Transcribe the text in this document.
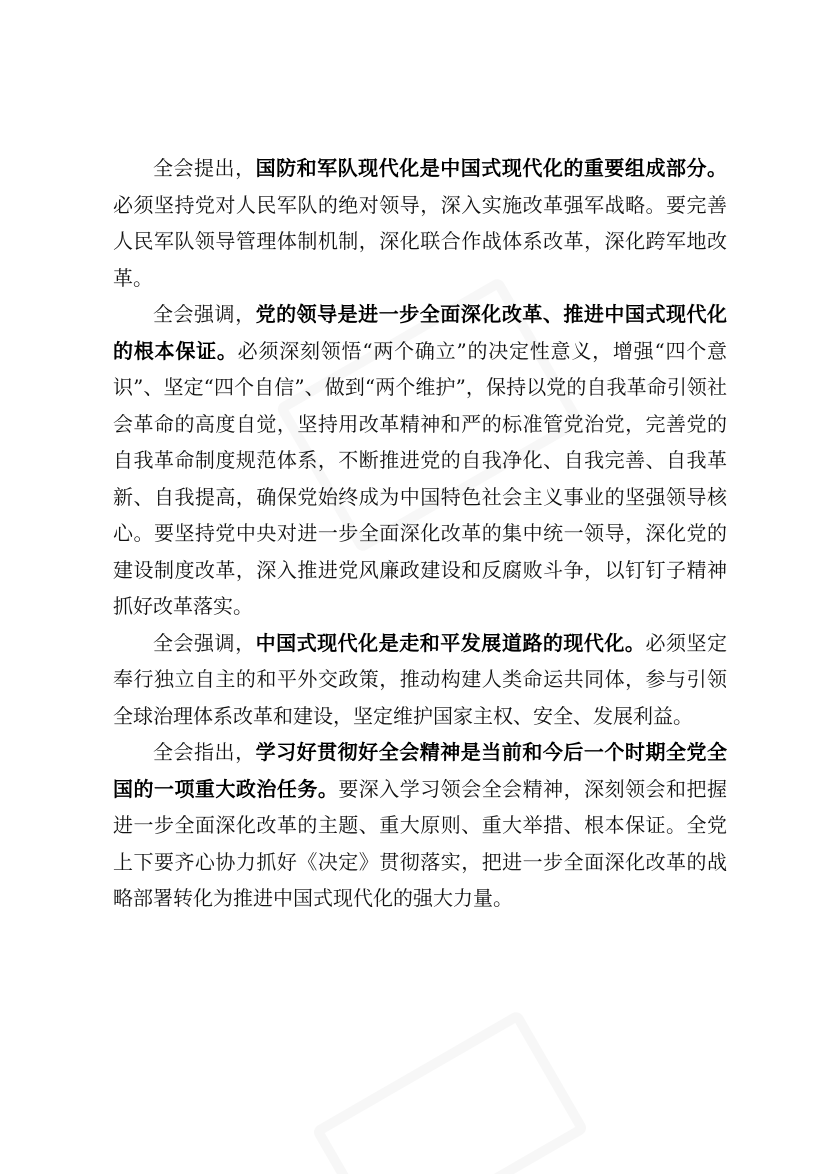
全会提出，国防和军队现代化是中国式现代化的重要组成部分。必须坚持党对人民军队的绝对领导，深入实施改革强军战略。要完善人民军队领导管理体制机制，深化联合作战体系改革，深化跨军地改革。

全会强调，党的领导是进一步全面深化改革、推进中国式现代化的根本保证。必须深刻领悟“两个确立”的决定性意义，增强“四个意识”、坚定“四个自信”、做到“两个维护”，保持以党的自我革命引领社会革命的高度自觉，坚持用改革精神和严的标准管党治党，完善党的自我革命制度规范体系，不断推进党的自我净化、自我完善、自我革新、自我提高，确保党始终成为中国特色社会主义事业的坚强领导核心。要坚持党中央对进一步全面深化改革的集中统一领导，深化党的建设制度改革，深入推进党风廉政建设和反腐败斗争，以钉钉子精神抓好改革落实。

全会强调，中国式现代化是走和平发展道路的现代化。必须坚定奉行独立自主的和平外交政策，推动构建人类命运共同体，参与引领全球治理体系改革和建设，坚定维护国家主权、安全、发展利益。

全会指出，学习好贯彻好全会精神是当前和今后一个时期全党全国的一项重大政治任务。要深入学习领会全会精神，深刻领会和把握进一步全面深化改革的主题、重大原则、重大举措、根本保证。全党上下要齐心协力抓好《决定》贯彻落实，把进一步全面深化改革的战略部署转化为推进中国式现代化的强大力量。
